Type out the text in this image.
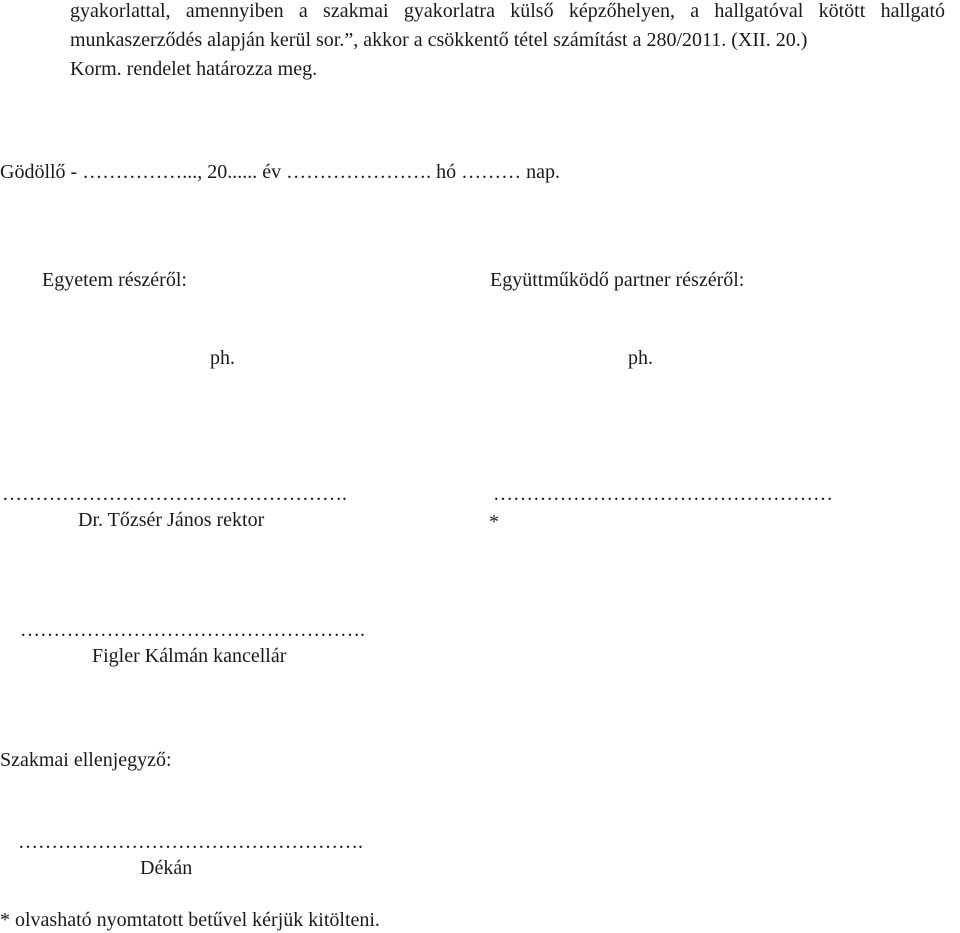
gyakorlattal, amennyiben a szakmai gyakorlatra külső képzőhelyen, a hallgatóval kötött hallgató
munkaszerződés alapján kerül sor.”, akkor a csökkentő tétel számítást a 280/2011. (XII. 20.)
Korm. rendelet határozza meg.
Gödöllő - ……………..., 20...... év …………………. hó ……… nap.
Egyetem részéről:	Együttműködő partner részéről:
ph.	ph.
…………………………………………….	……………………………………………
Dr. Tőzsér János rektor	*
…………………………………………….
Figler Kálmán kancellár
Szakmai ellenjegyző:
…………………………………………….
Dékán
* olvasható nyomtatott betűvel kérjük kitölteni.
